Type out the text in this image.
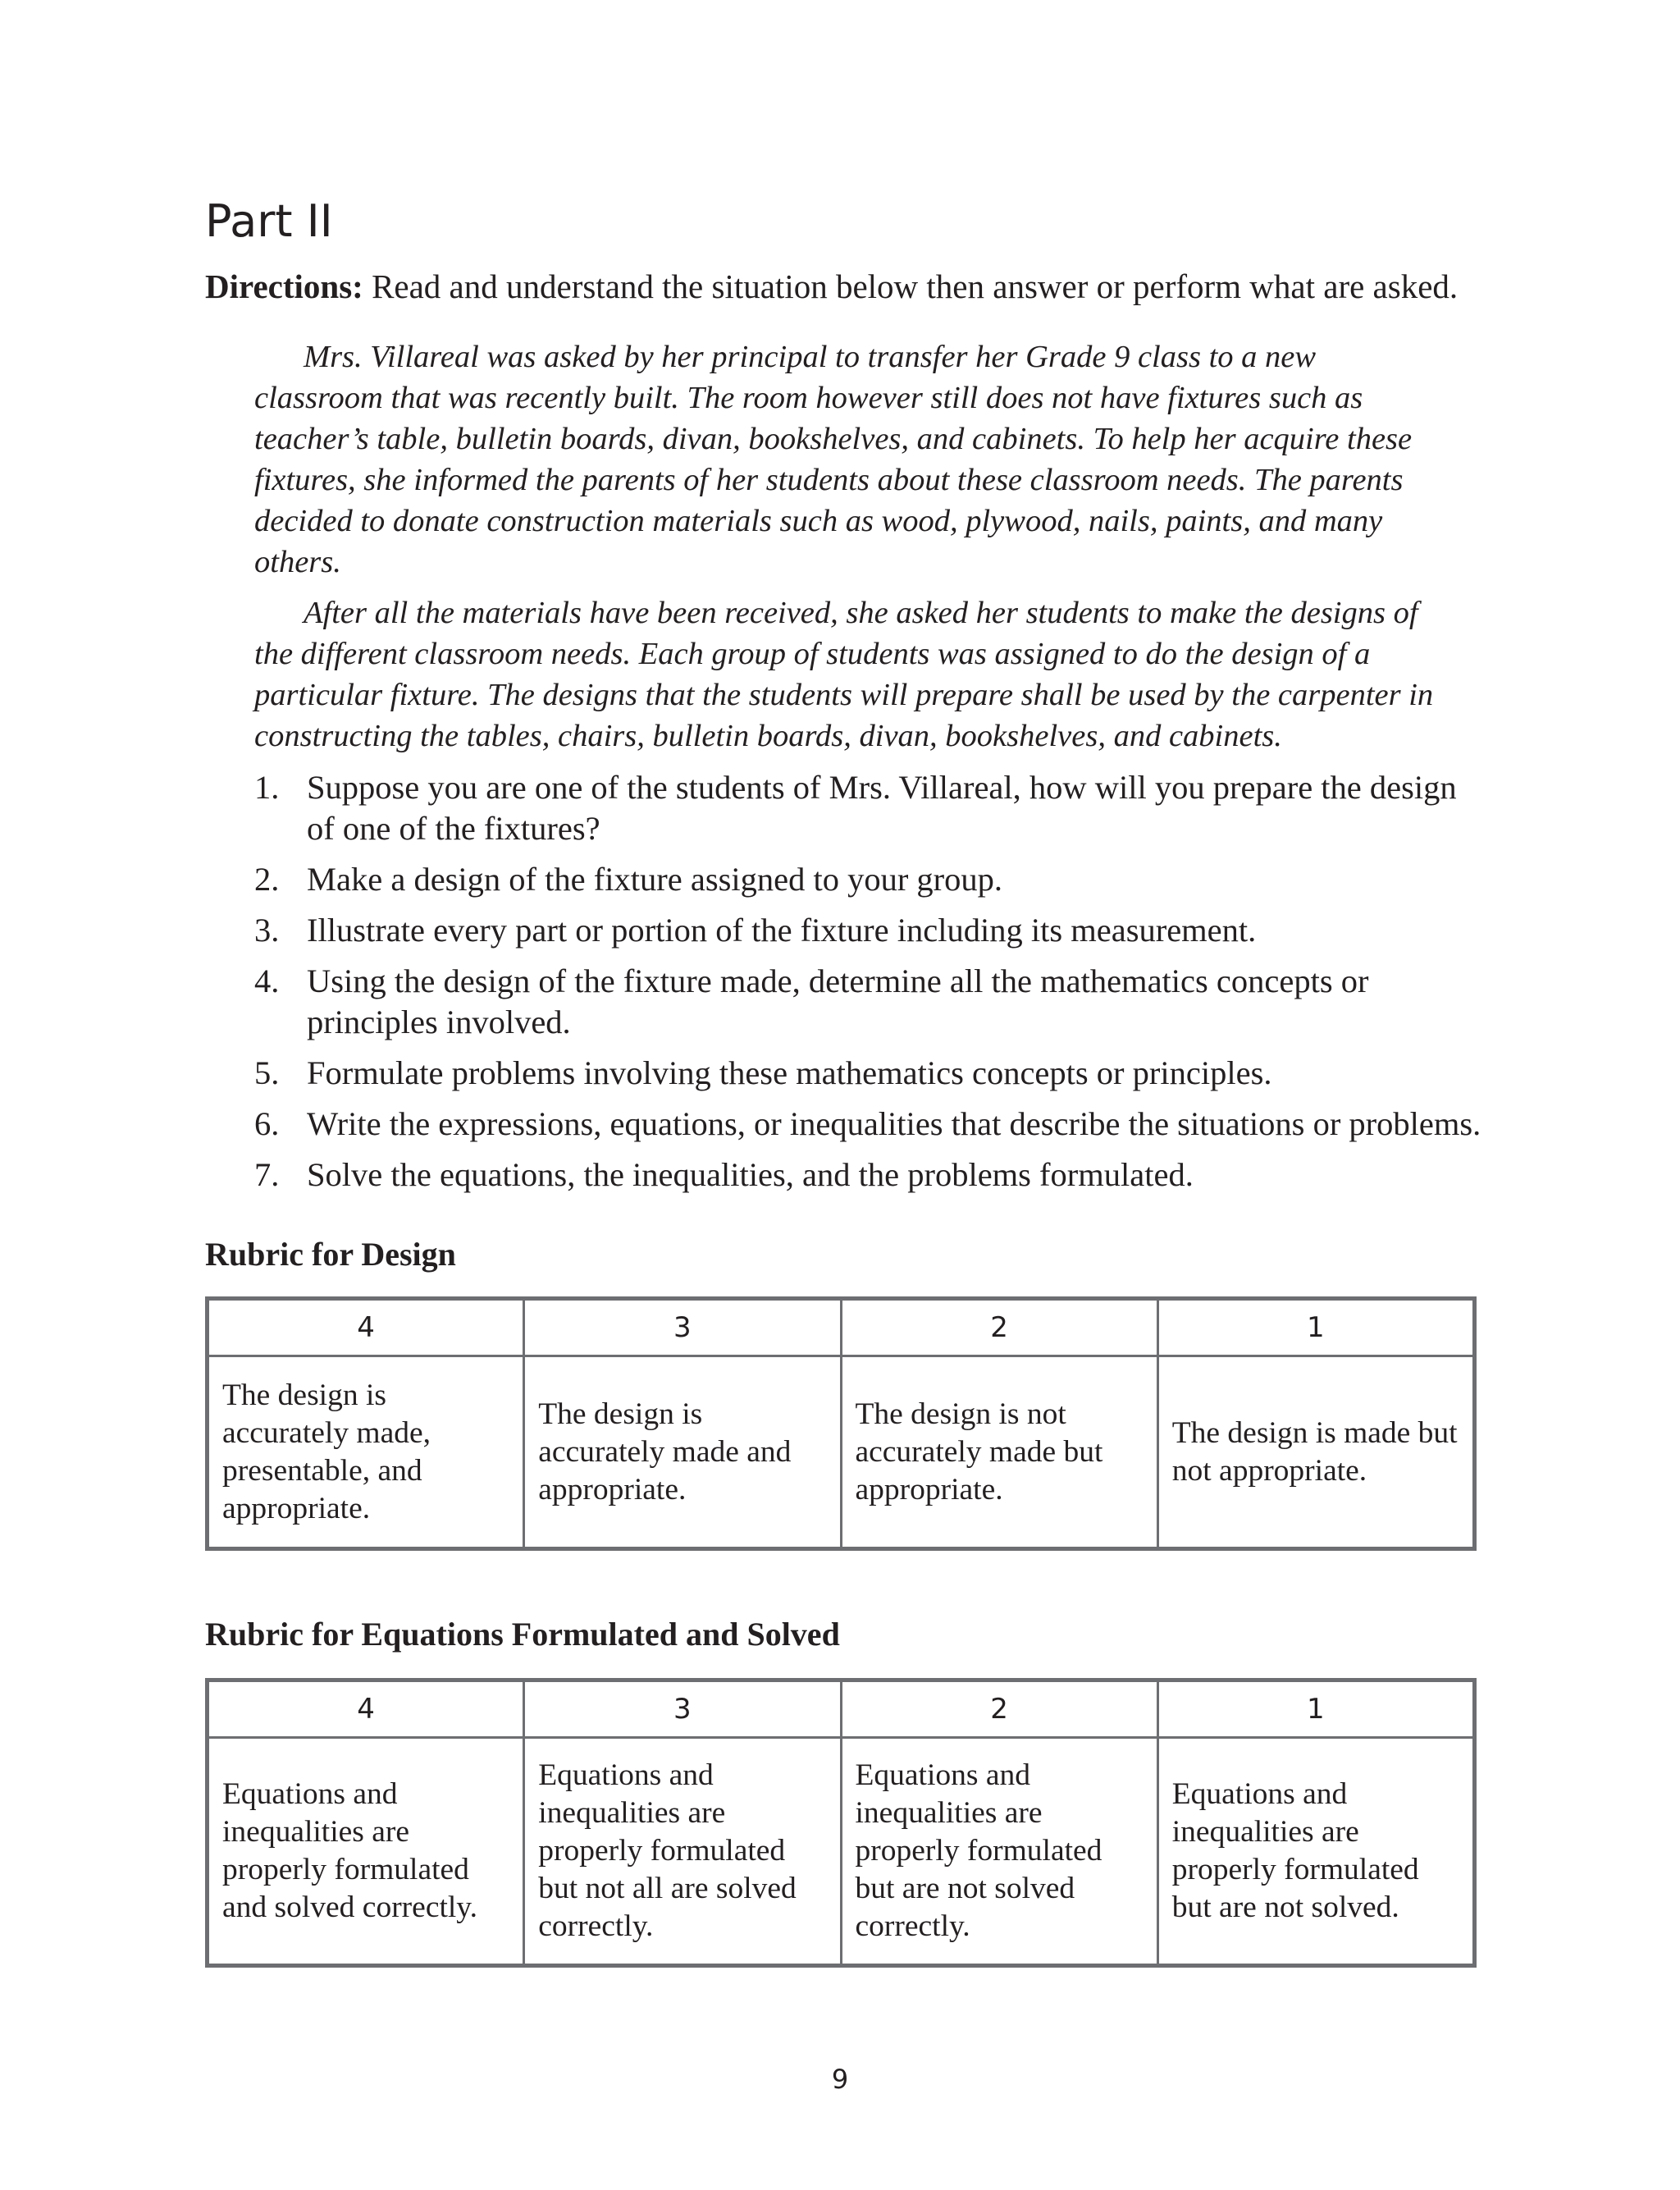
Part II

Directions: Read and understand the situation below then answer or perform what are asked.

Mrs. Villareal was asked by her principal to transfer her Grade 9 class to a new classroom that was recently built. The room however still does not have fixtures such as teacher’s table, bulletin boards, divan, bookshelves, and cabinets. To help her acquire these fixtures, she informed the parents of her students about these classroom needs. The parents decided to donate construction materials such as wood, plywood, nails, paints, and many others.

After all the materials have been received, she asked her students to make the designs of the different classroom needs. Each group of students was assigned to do the design of a particular fixture. The designs that the students will prepare shall be used by the carpenter in constructing the tables, chairs, bulletin boards, divan, bookshelves, and cabinets.

1. Suppose you are one of the students of Mrs. Villareal, how will you prepare the design of one of the fixtures?
2. Make a design of the fixture assigned to your group.
3. Illustrate every part or portion of the fixture including its measurement.
4. Using the design of the fixture made, determine all the mathematics concepts or principles involved.
5. Formulate problems involving these mathematics concepts or principles.
6. Write the expressions, equations, or inequalities that describe the situations or problems.
7. Solve the equations, the inequalities, and the problems formulated.
Rubric for Design
4	3	2	1
The design is accurately made, presentable, and appropriate.	The design is accurately made and appropriate.	The design is not accurately made but appropriate.	The design is made but not appropriate.
Rubric for Equations Formulated and Solved
4	3	2	1
Equations and inequalities are properly formulated and solved correctly.	Equations and inequalities are properly formulated but not all are solved correctly.	Equations and inequalities are properly formulated but are not solved correctly.	Equations and inequalities are properly formulated but are not solved.
9
